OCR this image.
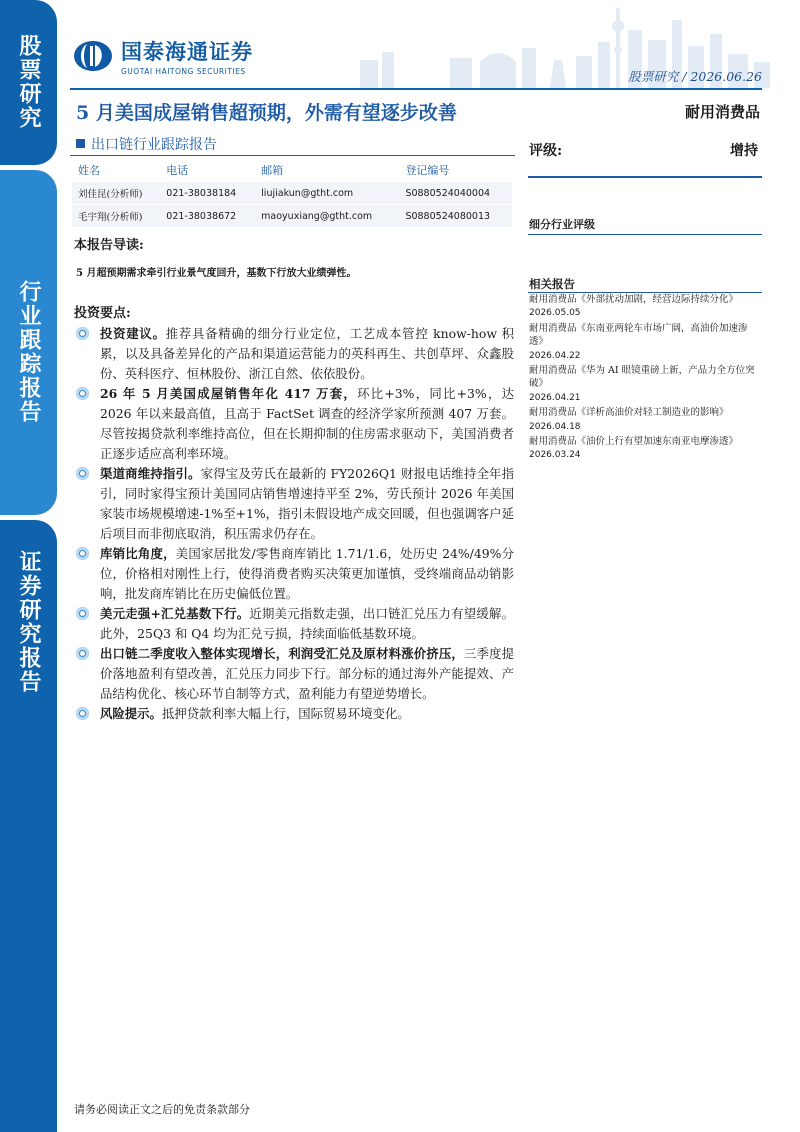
股票研究
行业跟踪报告
证券研究报告
国泰海通证券
GUOTAI HAITONG SECURITIES	股票研究 / 2026.06.26
5 月美国成屋销售超预期，外需有望逐步改善	耐用消费品
出口链行业跟踪报告
姓名	电话	邮箱	登记编号
刘佳昆(分析师)	021-38038184	liujiakun@gtht.com	S0880524040004
毛宇翔(分析师)	021-38038672	maoyuxiang@gtht.com	S0880524080013
本报告导读:
5 月超预期需求牵引行业景气度回升，基数下行放大业绩弹性。
投资要点:
投资建议。推荐具备精确的细分行业定位，工艺成本管控 know-how 积累，以及具备差异化的产品和渠道运营能力的英科再生、共创草坪、众鑫股份、英科医疗、恒林股份、浙江自然、依依股份。
26 年 5 月美国成屋销售年化 417 万套，环比+3%，同比+3%，达 2026 年以来最高值，且高于 FactSet 调查的经济学家所预测 407 万套。尽管按揭贷款利率维持高位，但在长期抑制的住房需求驱动下，美国消费者正逐步适应高利率环境。
渠道商维持指引。家得宝及劳氏在最新的 FY2026Q1 财报电话维持全年指引，同时家得宝预计美国同店销售增速持平至 2%，劳氏预计 2026 年美国家装市场规模增速-1%至+1%，指引未假设地产成交回暖，但也强调客户延后项目而非彻底取消，积压需求仍存在。
库销比角度，美国家居批发/零售商库销比 1.71/1.6，处历史 24%/49%分位，价格相对刚性上行，使得消费者购买决策更加谨慎，受终端商品动销影响，批发商库销比在历史偏低位置。
美元走强+汇兑基数下行。近期美元指数走强，出口链汇兑压力有望缓解。此外，25Q3 和 Q4 均为汇兑亏损，持续面临低基数环境。
出口链二季度收入整体实现增长，利润受汇兑及原材料涨价挤压，三季度提价落地盈利有望改善，汇兑压力同步下行。部分标的通过海外产能提效、产品结构优化、核心环节自制等方式，盈利能力有望逆势增长。
风险提示。抵押贷款利率大幅上行，国际贸易环境变化。
评级:	增持
细分行业评级
相关报告
耐用消费品《外部扰动加剧，经营边际持续分化》
2026.05.05
耐用消费品《东南亚两轮车市场广阔，高油价加速渗透》
2026.04.22
耐用消费品《华为 AI 眼镜重磅上新，产品力全方位突破》
2026.04.21
耐用消费品《详析高油价对轻工制造业的影响》
2026.04.18
耐用消费品《油价上行有望加速东南亚电摩渗透》
2026.03.24
请务必阅读正文之后的免责条款部分
